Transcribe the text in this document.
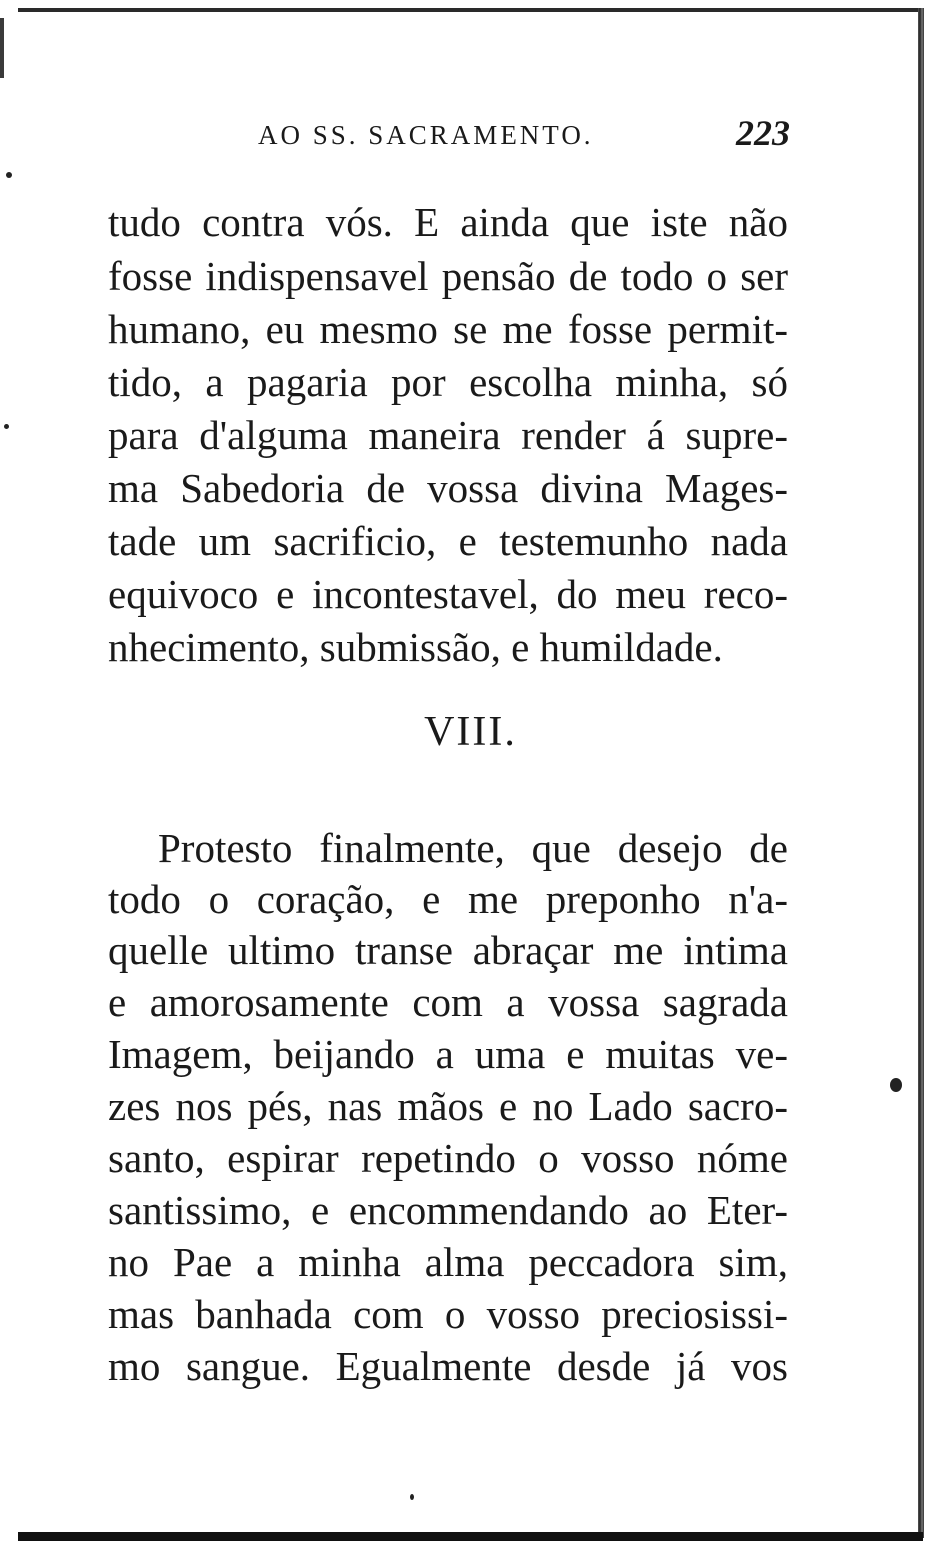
AO SS. SACRAMENTO.	223
tudo contra vós. E ainda que iste não
fosse indispensavel pensão de todo o ser
humano, eu mesmo se me fosse permit-
tido, a pagaria por escolha minha, só
para d'alguma maneira render á supre-
ma Sabedoria de vossa divina Mages-
tade um sacrificio, e testemunho nada
equivoco e incontestavel, do meu reco-
nhecimento, submissão, e humildade.
VIII.
Protesto finalmente, que desejo de
todo o coração, e me preponho n'a-
quelle ultimo transe abraçar me intima
e amorosamente com a vossa sagrada
Imagem, beijando a uma e muitas ve-
zes nos pés, nas mãos e no Lado sacro-
santo, espirar repetindo o vosso nóme
santissimo, e encommendando ao Eter-
no Pae a minha alma peccadora sim,
mas banhada com o vosso preciosissi-
mo sangue. Egualmente desde já vos
